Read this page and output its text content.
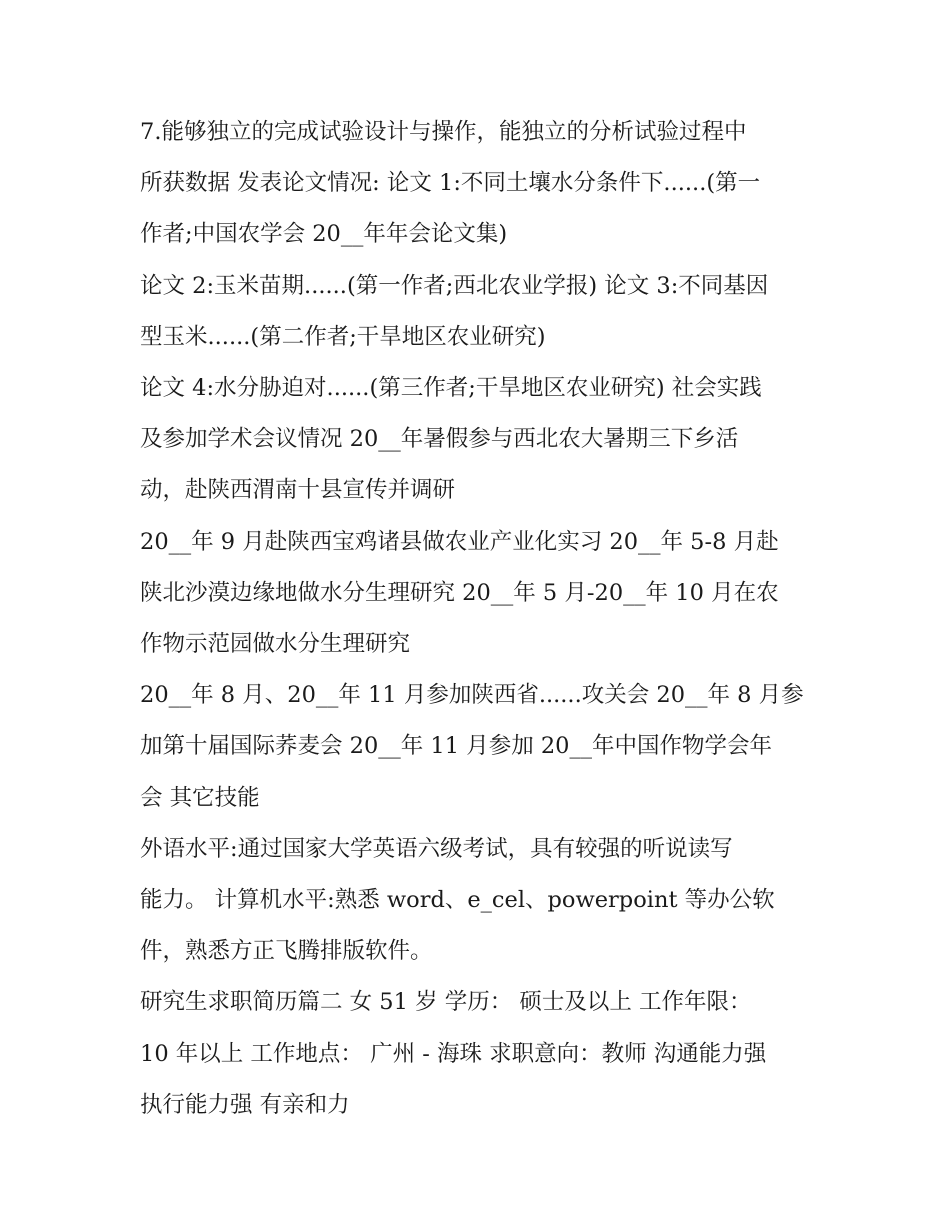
7.能够独立的完成试验设计与操作，能独立的分析试验过程中

所获数据 发表论文情况: 论文 1:不同土壤水分条件下......(第一

作者;中国农学会 20__年年会论文集)

论文 2:玉米苗期......(第一作者;西北农业学报) 论文 3:不同基因

型玉米......(第二作者;干旱地区农业研究)

论文 4:水分胁迫对......(第三作者;干旱地区农业研究) 社会实践

及参加学术会议情况 20__年暑假参与西北农大暑期三下乡活

动，赴陕西渭南十县宣传并调研

20__年 9 月赴陕西宝鸡诸县做农业产业化实习 20__年 5-8 月赴

陕北沙漠边缘地做水分生理研究 20__年 5 月-20__年 10 月在农

作物示范园做水分生理研究

20__年 8 月、20__年 11 月参加陕西省......攻关会 20__年 8 月参

加第十届国际荞麦会 20__年 11 月参加 20__年中国作物学会年

会 其它技能

外语水平:通过国家大学英语六级考试，具有较强的听说读写

能力。 计算机水平:熟悉 word、e_cel、powerpoint 等办公软

件，熟悉方正飞腾排版软件。

研究生求职简历篇二 女 51 岁 学历： 硕士及以上 工作年限：

10 年以上 工作地点： 广州 - 海珠 求职意向：教师 沟通能力强

执行能力强 有亲和力
